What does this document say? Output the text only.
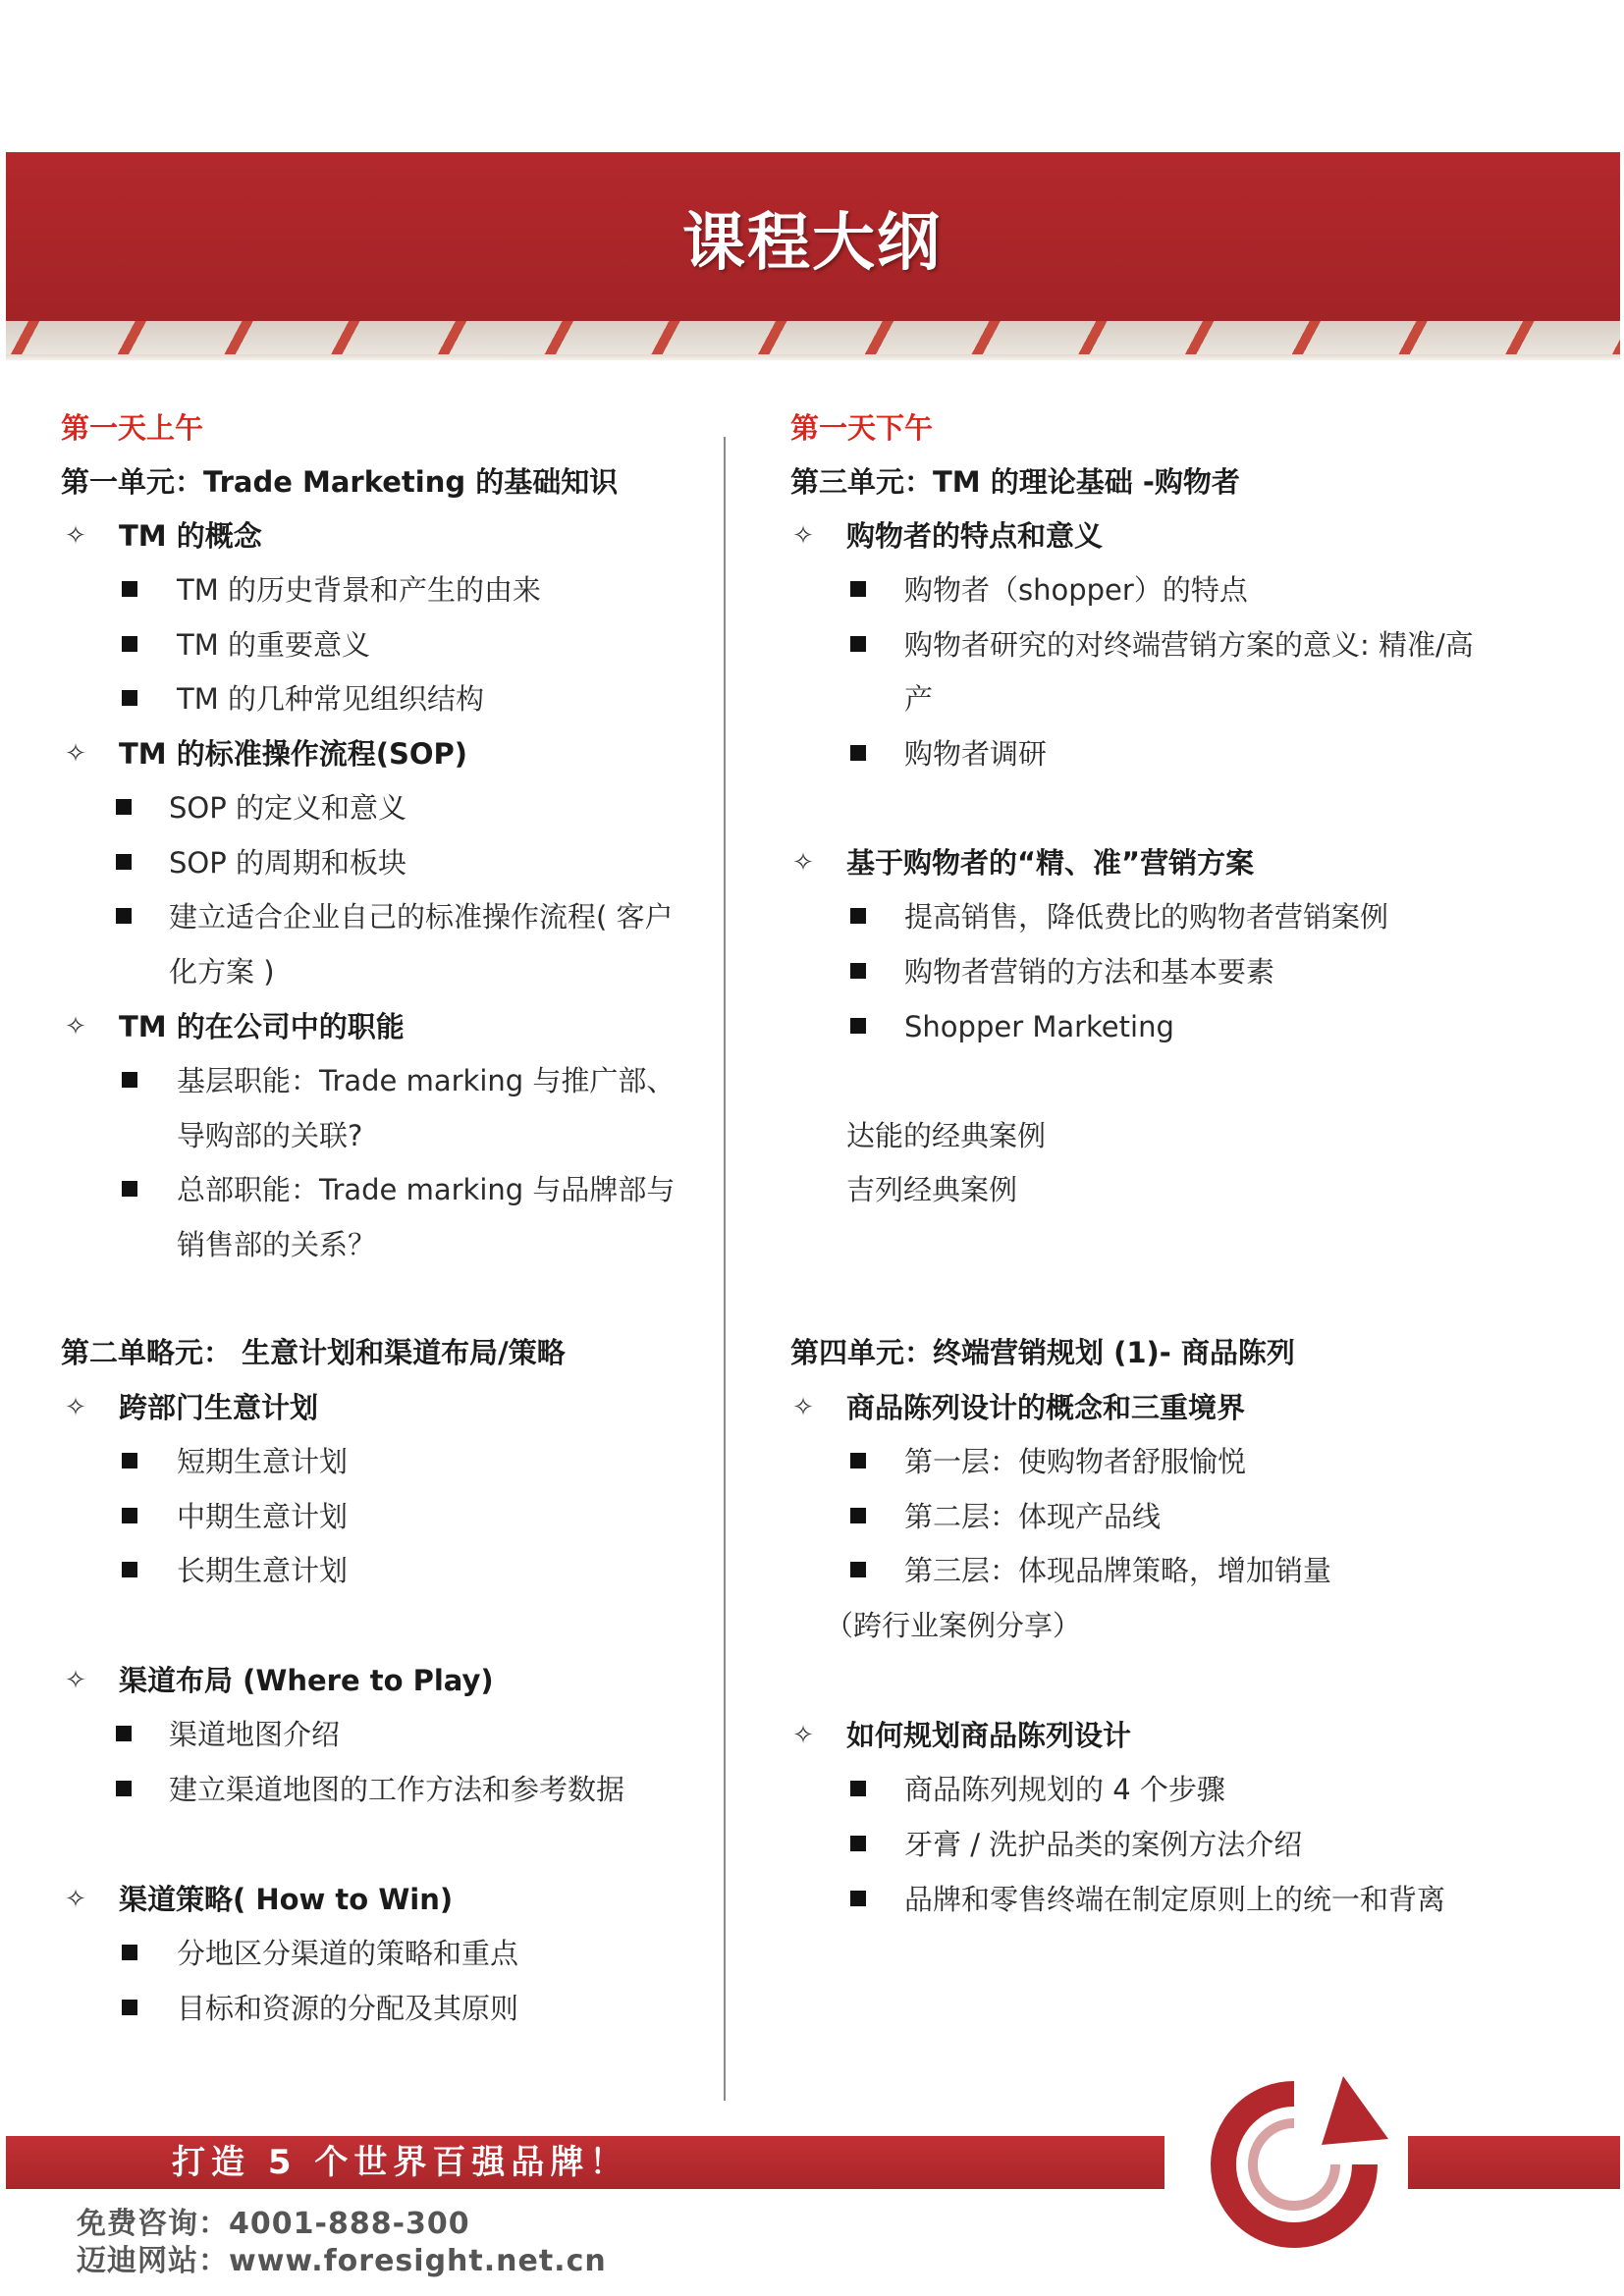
课程大纲
第一天上午
第一单元：Trade Marketing 的基础知识
✧ TM 的概念
TM 的历史背景和产生的由来
TM 的重要意义
TM 的几种常见组织结构
✧ TM 的标准操作流程(SOP)
SOP 的定义和意义
SOP 的周期和板块
建立适合企业自己的标准操作流程( 客户
化方案 )
✧ TM 的在公司中的职能
基层职能：Trade marking 与推广部、
导购部的关联?
总部职能：Trade marking 与品牌部与
销售部的关系？
第二单略元： 生意计划和渠道布局/策略
✧ 跨部门生意计划
短期生意计划
中期生意计划
长期生意计划
✧ 渠道布局 (Where to Play)
渠道地图介绍
建立渠道地图的工作方法和参考数据
✧ 渠道策略( How to Win)
分地区分渠道的策略和重点
目标和资源的分配及其原则
第一天下午
第三单元：TM 的理论基础 -购物者
✧ 购物者的特点和意义
购物者（shopper）的特点
购物者研究的对终端营销方案的意义: 精准/高
产
购物者调研
✧ 基于购物者的“精、准”营销方案
提高销售，降低费比的购物者营销案例
购物者营销的方法和基本要素
Shopper Marketing
达能的经典案例
吉列经典案例
第四单元：终端营销规划 (1)- 商品陈列
✧ 商品陈列设计的概念和三重境界
第一层：使购物者舒服愉悦
第二层：体现产品线
第三层：体现品牌策略，增加销量
（跨行业案例分享）
✧ 如何规划商品陈列设计
商品陈列规划的 4 个步骤
牙膏 / 洗护品类的案例方法介绍
品牌和零售终端在制定原则上的统一和背离
打造 5 个世界百强品牌！
免费咨询：4001-888-300
迈迪网站：www.foresight.net.cn
